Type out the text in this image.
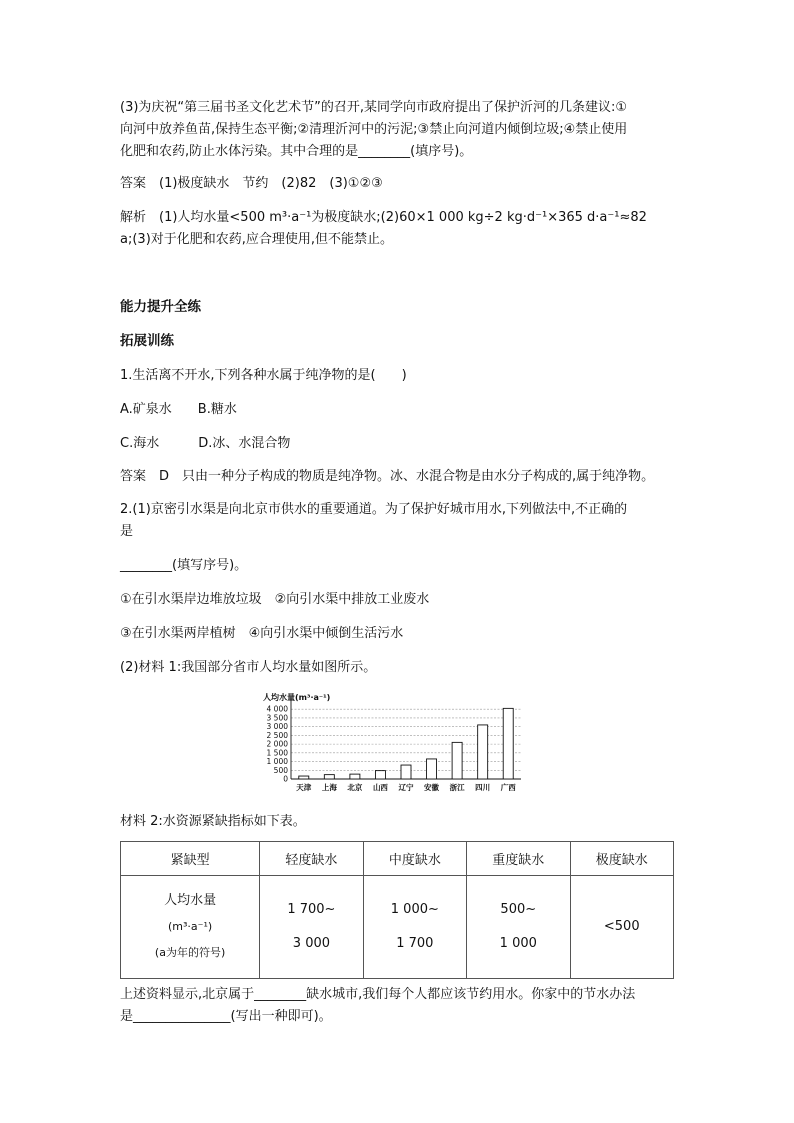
(3)为庆祝“第三届书圣文化艺术节”的召开,某同学向市政府提出了保护沂河的几条建议:①

向河中放养鱼苗,保持生态平衡;②清理沂河中的污泥;③禁止向河道内倾倒垃圾;④禁止使用

化肥和农药,防止水体污染。其中合理的是________(填序号)。

答案　(1)极度缺水　节约　(2)82　(3)①②③

解析　(1)人均水量<500 m³·a⁻¹为极度缺水;(2)60×1 000 kg÷2 kg·d⁻¹×365 d·a⁻¹≈82

a;(3)对于化肥和农药,应合理使用,但不能禁止。

能力提升全练

拓展训练

1.生活离不开水,下列各种水属于纯净物的是(　　)

A.矿泉水　　B.糖水

C.海水　　　D.冰、水混合物

答案　D　只由一种分子构成的物质是纯净物。冰、水混合物是由水分子构成的,属于纯净物。

2.(1)京密引水渠是向北京市供水的重要通道。为了保护好城市用水,下列做法中,不正确的

是

________(填写序号)。

①在引水渠岸边堆放垃圾　②向引水渠中排放工业废水

③在引水渠两岸植树　④向引水渠中倾倒生活污水

(2)材料 1:我国部分省市人均水量如图所示。

人均水量(m³·a⁻¹)
0
500
1 000
1 500
2 000
2 500
3 000
3 500
4 000
天津 上海 北京 山西 辽宁 安徽 浙江 四川 广西

材料 2:水资源紧缺指标如下表。

紧缺型	轻度缺水	中度缺水	重度缺水	极度缺水

人均水量
(m³·a⁻¹)
(a为年的符号)	1 700~
3 000	1 000~
1 700	500~
1 000	<500

上述资料显示,北京属于________缺水城市,我们每个人都应该节约用水。你家中的节水办法

是_______________(写出一种即可)。
